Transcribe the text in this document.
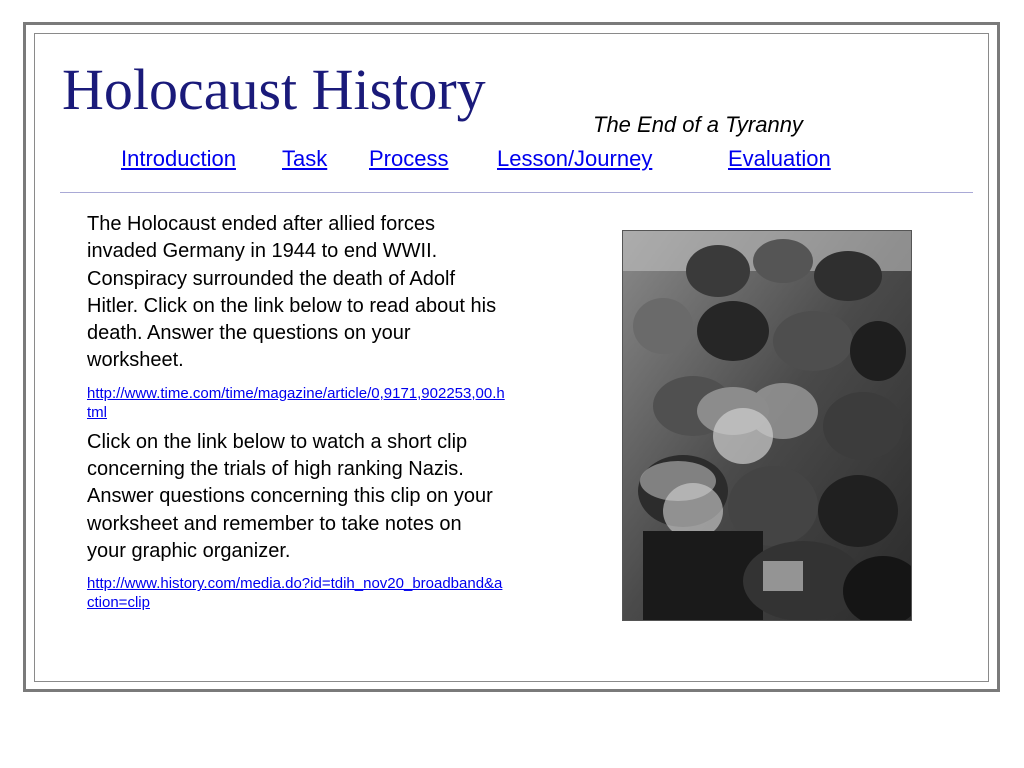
Holocaust History
The End of a Tyranny
Introduction Task Process Lesson/Journey	Evaluation

The Holocaust ended after allied forces invaded Germany in 1944 to end WWII. Conspiracy surrounded the death of Adolf Hitler. Click on the link below to read about his death. Answer the questions on your worksheet.

http://www.time.com/time/magazine/article/0,9171,902253,00.html

Click on the link below to watch a short clip concerning the trials of high ranking Nazis. Answer questions concerning this clip on your worksheet and remember to take notes on your graphic organizer.

http://www.history.com/media.do?id=tdih_nov20_broadband&action=clip
